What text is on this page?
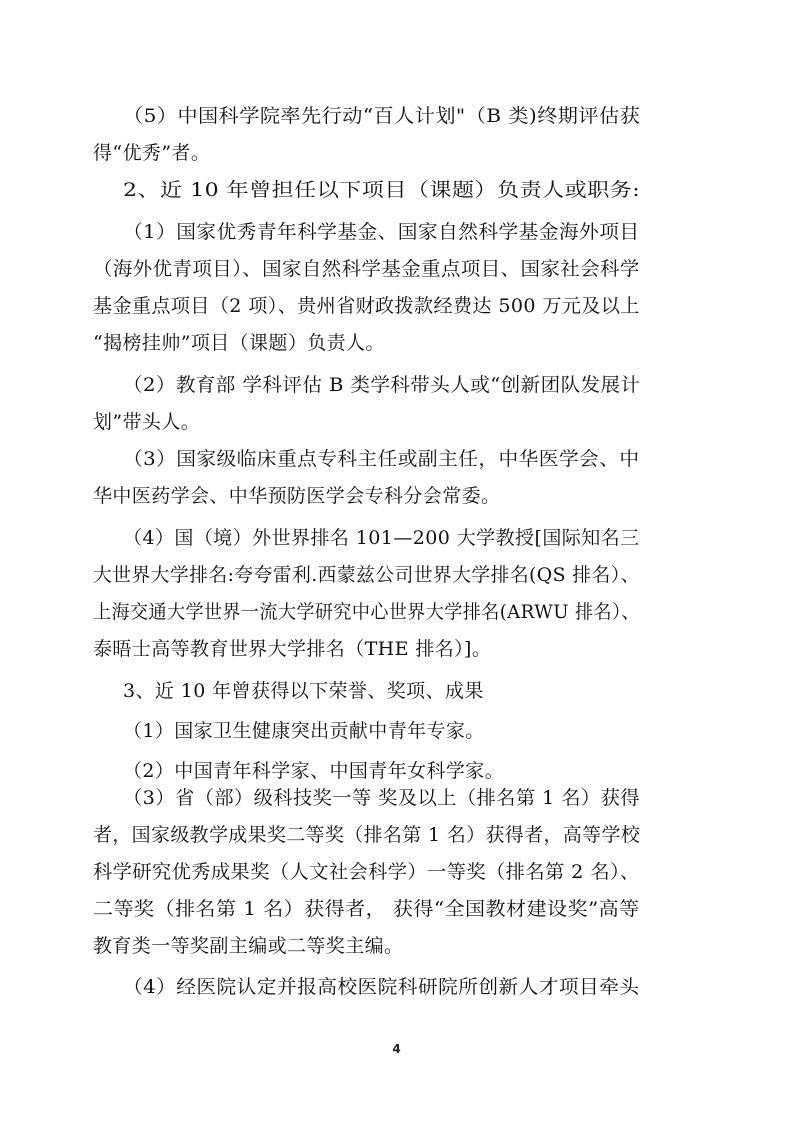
（5）中国科学院率先行动“百人计划"（B 类)终期评估获
得“优秀”者。
2、近 10 年曾担任以下项目（课题）负责人或职务:
（1）国家优秀青年科学基金、国家自然科学基金海外项目
（海外优青项目）、国家自然科学基金重点项目、国家社会科学
基金重点项目（2 项）、贵州省财政拨款经费达 500 万元及以上
“揭榜挂帅”项目（课题）负责人。
（2）教育部 学科评估 B 类学科带头人或“创新团队发展计
划”带头人。
（3）国家级临床重点专科主任或副主任，中华医学会、中
华中医药学会、中华预防医学会专科分会常委。
（4）国（境）外世界排名 101—200 大学教授[国际知名三
大世界大学排名:夸夸雷利.西蒙兹公司世界大学排名(QS 排名）、
上海交通大学世界一流大学研究中心世界大学排名(ARWU 排名）、
泰晤士高等教育世界大学排名（THE 排名）]。
3、近 10 年曾获得以下荣誉、奖项、成果
（1）国家卫生健康突出贡献中青年专家。
（2）中国青年科学家、中国青年女科学家。
（3）省（部）级科技奖一等 奖及以上（排名第 1 名）获得
者，国家级教学成果奖二等奖（排名第 1 名）获得者，高等学校
科学研究优秀成果奖（人文社会科学）一等奖（排名第 2 名）、
二等奖（排名第 1 名）获得者， 获得“全国教材建设奖”高等
教育类一等奖副主编或二等奖主编。
（4）经医院认定并报高校医院科研院所创新人才项目牵头
4
